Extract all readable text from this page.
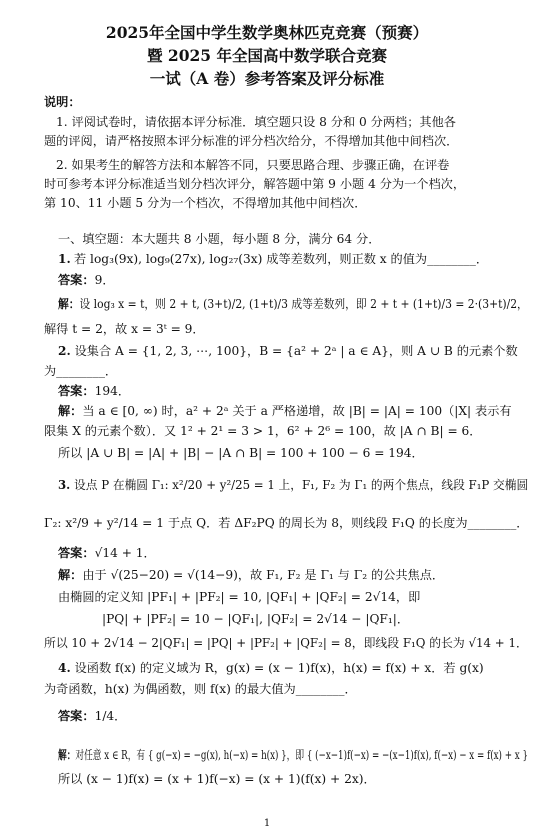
2025年全国中学生数学奥林匹克竞赛（预赛）
暨 2025 年全国高中数学联合竞赛
一试（A 卷）参考答案及评分标准
说明：
1. 评阅试卷时，请依据本评分标准．填空题只设 8 分和 0 分两档；其他各
题的评阅，请严格按照本评分标准的评分档次给分，不得增加其他中间档次．
2. 如果考生的解答方法和本解答不同，只要思路合理、步骤正确，在评卷
时可参考本评分标准适当划分档次评分，解答题中第 9 小题 4 分为一个档次，
第 10、11 小题 5 分为一个档次，不得增加其他中间档次．
一、填空题：本大题共 8 小题，每小题 8 分，满分 64 分．
1. 若 log₃(9x), log₉(27x), log₂₇(3x) 成等差数列，则正数 x 的值为________．
答案：9．
解：设 log₃ x = t，则 2 + t, (3+t)/2, (1+t)/3 成等差数列，即 2 + t + (1+t)/3 = 2·(3+t)/2，
解得 t = 2，故 x = 3ᵗ = 9．
2. 设集合 A = {1, 2, 3, ⋯, 100}，B = {a² + 2ᵃ | a ∈ A}，则 A ∪ B 的元素个数
为________．
答案：194．
解：当 a ∈ [0, ∞) 时，a² + 2ᵃ 关于 a 严格递增，故 |B| = |A| = 100（|X| 表示有
限集 X 的元素个数）．又 1² + 2¹ = 3 > 1，6² + 2⁶ = 100，故 |A ∩ B| = 6．
所以 |A ∪ B| = |A| + |B| − |A ∩ B| = 100 + 100 − 6 = 194．
3. 设点 P 在椭圆 Γ₁: x²/20 + y²/25 = 1 上，F₁, F₂ 为 Γ₁ 的两个焦点，线段 F₁P 交椭圆
Γ₂: x²/9 + y²/14 = 1 于点 Q．若 ΔF₂PQ 的周长为 8，则线段 F₁Q 的长度为________．
答案：√14 + 1．
解：由于 √(25−20) = √(14−9)，故 F₁, F₂ 是 Γ₁ 与 Γ₂ 的公共焦点．
由椭圆的定义知 |PF₁| + |PF₂| = 10, |QF₁| + |QF₂| = 2√14，即
|PQ| + |PF₂| = 10 − |QF₁|, |QF₂| = 2√14 − |QF₁|．
所以 10 + 2√14 − 2|QF₁| = |PQ| + |PF₂| + |QF₂| = 8，即线段 F₁Q 的长为 √14 + 1．
4. 设函数 f(x) 的定义域为 R，g(x) = (x − 1)f(x)，h(x) = f(x) + x．若 g(x)
为奇函数，h(x) 为偶函数，则 f(x) 的最大值为________．
答案：1/4．
解：对任意 x ∈ R，有 { g(−x) = −g(x), h(−x) = h(x) }，即 { (−x−1)f(−x) = −(x−1)f(x), f(−x) − x = f(x) + x }
所以 (x − 1)f(x) = (x + 1)f(−x) = (x + 1)(f(x) + 2x)．
1
